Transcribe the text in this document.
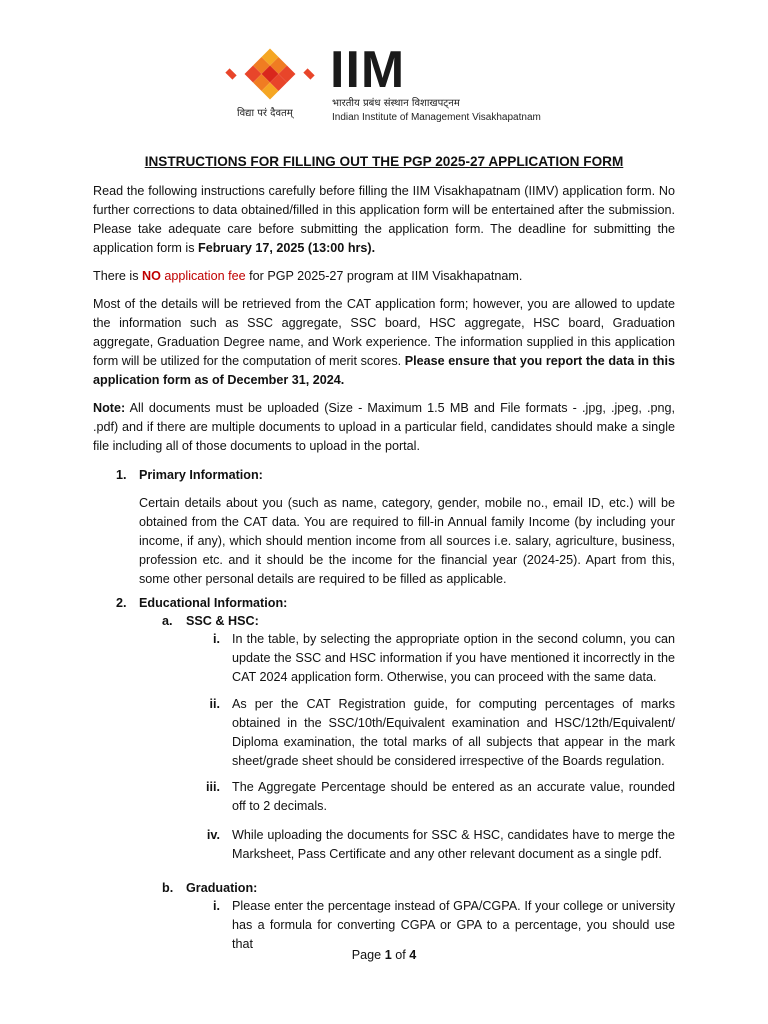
विद्या परं दैवतम्
IIM
भारतीय प्रबंध संस्थान विशाखपट्नम
Indian Institute of Management Visakhapatnam
INSTRUCTIONS FOR FILLING OUT THE PGP 2025-27 APPLICATION FORM
Read the following instructions carefully before filling the IIM Visakhapatnam (IIMV) application form. No further corrections to data obtained/filled in this application form will be entertained after the submission. Please take adequate care before submitting the application form. The deadline for submitting the application form is February 17, 2025 (13:00 hrs).
There is NO application fee for PGP 2025-27 program at IIM Visakhapatnam.
Most of the details will be retrieved from the CAT application form; however, you are allowed to update the information such as SSC aggregate, SSC board, HSC aggregate, HSC board, Graduation aggregate, Graduation Degree name, and Work experience. The information supplied in this application form will be utilized for the computation of merit scores. Please ensure that you report the data in this application form as of December 31, 2024.
Note: All documents must be uploaded (Size - Maximum 1.5 MB and File formats - .jpg, .jpeg, .png, .pdf) and if there are multiple documents to upload in a particular field, candidates should make a single file including all of those documents to upload in the portal.
1. Primary Information:
Certain details about you (such as name, category, gender, mobile no., email ID, etc.) will be obtained from the CAT data. You are required to fill-in Annual family Income (by including your income, if any), which should mention income from all sources i.e. salary, agriculture, business, profession etc. and it should be the income for the financial year (2024-25). Apart from this, some other personal details are required to be filled as applicable.
2. Educational Information:
a. SSC & HSC:
i. In the table, by selecting the appropriate option in the second column, you can update the SSC and HSC information if you have mentioned it incorrectly in the CAT 2024 application form. Otherwise, you can proceed with the same data.
ii. As per the CAT Registration guide, for computing percentages of marks obtained in the SSC/10th/Equivalent examination and HSC/12th/Equivalent/ Diploma examination, the total marks of all subjects that appear in the mark sheet/grade sheet should be considered irrespective of the Boards regulation.
iii. The Aggregate Percentage should be entered as an accurate value, rounded off to 2 decimals.
iv. While uploading the documents for SSC & HSC, candidates have to merge the Marksheet, Pass Certificate and any other relevant document as a single pdf.
b. Graduation:
i. Please enter the percentage instead of GPA/CGPA. If your college or university has a formula for converting CGPA or GPA to a percentage, you should use that
Page 1 of 4
